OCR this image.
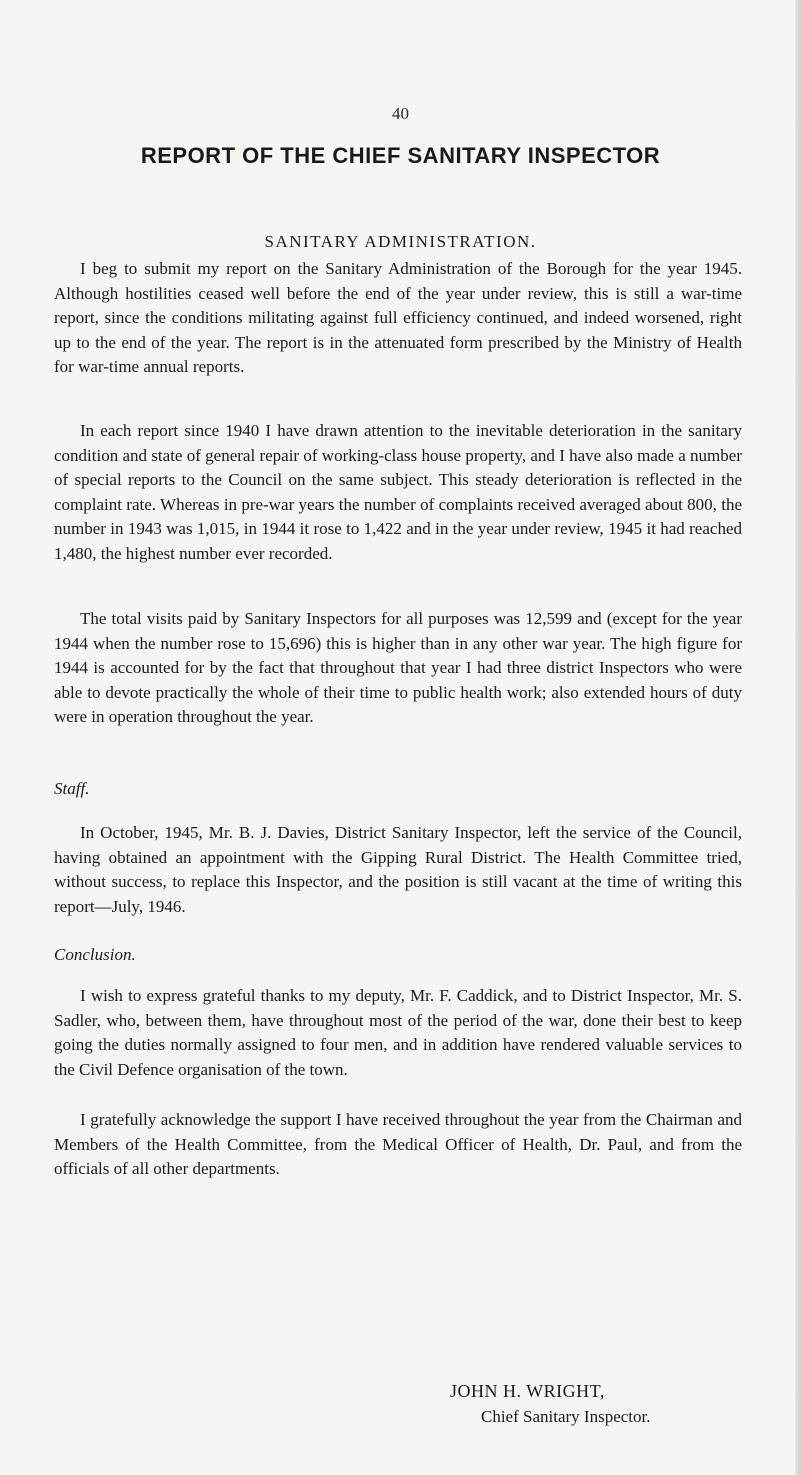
40
REPORT OF THE CHIEF SANITARY INSPECTOR
SANITARY ADMINISTRATION.

I beg to submit my report on the Sanitary Administration of the Borough for the year 1945. Although hostilities ceased well before the end of the year under review, this is still a war-time report, since the conditions militating against full efficiency continued, and indeed worsened, right up to the end of the year. The report is in the attenuated form prescribed by the Ministry of Health for war-time annual reports.

In each report since 1940 I have drawn attention to the inevitable deterioration in the sanitary condition and state of general repair of working-class house property, and I have also made a number of special reports to the Council on the same subject. This steady deterioration is reflected in the complaint rate. Whereas in pre-war years the number of complaints received averaged about 800, the number in 1943 was 1,015, in 1944 it rose to 1,422 and in the year under review, 1945 it had reached 1,480, the highest number ever recorded.

The total visits paid by Sanitary Inspectors for all purposes was 12,599 and (except for the year 1944 when the number rose to 15,696) this is higher than in any other war year. The high figure for 1944 is accounted for by the fact that throughout that year I had three district Inspectors who were able to devote practically the whole of their time to public health work; also extended hours of duty were in operation throughout the year.

Staff.

In October, 1945, Mr. B. J. Davies, District Sanitary Inspector, left the service of the Council, having obtained an appointment with the Gipping Rural District. The Health Committee tried, without success, to replace this Inspector, and the position is still vacant at the time of writing this report—July, 1946.

Conclusion.

I wish to express grateful thanks to my deputy, Mr. F. Caddick, and to District Inspector, Mr. S. Sadler, who, between them, have throughout most of the period of the war, done their best to keep going the duties normally assigned to four men, and in addition have rendered valuable services to the Civil Defence organisation of the town.

I gratefully acknowledge the support I have received throughout the year from the Chairman and Members of the Health Committee, from the Medical Officer of Health, Dr. Paul, and from the officials of all other departments.

JOHN H. WRIGHT,
Chief Sanitary Inspector.
